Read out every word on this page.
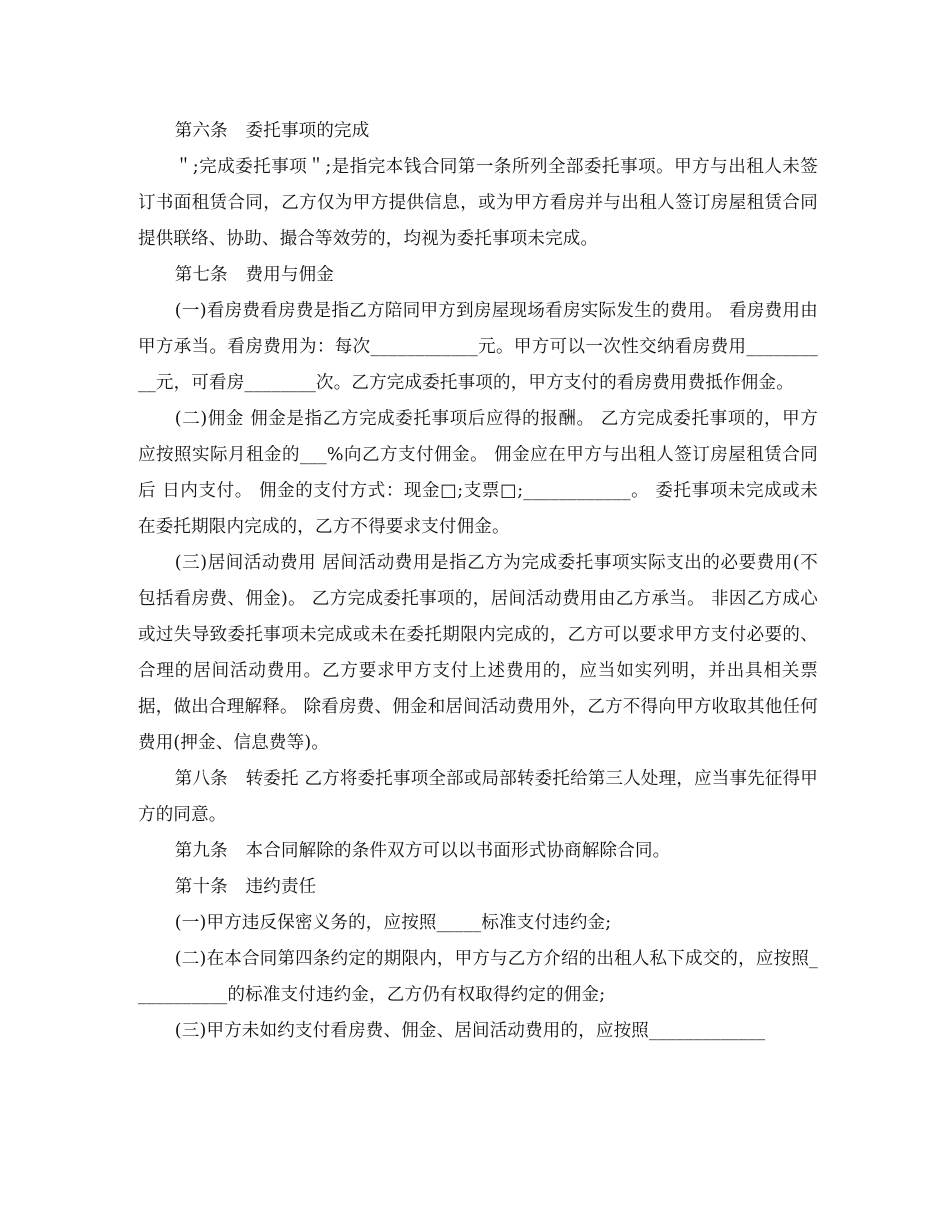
第六条　委托事项的完成

＂;完成委托事项＂;是指完本钱合同第一条所列全部委托事项。甲方与出租人未签订书面租赁合同，乙方仅为甲方提供信息，或为甲方看房并与出租人签订房屋租赁合同提供联络、协助、撮合等效劳的，均视为委托事项未完成。

第七条　费用与佣金

(一)看房费看房费是指乙方陪同甲方到房屋现场看房实际发生的费用。 看房费用由甲方承当。看房费用为：每次____________元。甲方可以一次性交纳看房费用__________元，可看房________次。乙方完成委托事项的，甲方支付的看房费用费抵作佣金。

(二)佣金 佣金是指乙方完成委托事项后应得的报酬。 乙方完成委托事项的，甲方应按照实际月租金的___%向乙方支付佣金。 佣金应在甲方与出租人签订房屋租赁合同后 日内支付。 佣金的支付方式：现金□;支票□;____________。 委托事项未完成或未在委托期限内完成的，乙方不得要求支付佣金。

(三)居间活动费用 居间活动费用是指乙方为完成委托事项实际支出的必要费用(不包括看房费、佣金)。 乙方完成委托事项的，居间活动费用由乙方承当。 非因乙方成心或过失导致委托事项未完成或未在委托期限内完成的，乙方可以要求甲方支付必要的、合理的居间活动费用。乙方要求甲方支付上述费用的，应当如实列明，并出具相关票据，做出合理解释。 除看房费、佣金和居间活动费用外，乙方不得向甲方收取其他任何费用(押金、信息费等)。

第八条　转委托 乙方将委托事项全部或局部转委托给第三人处理，应当事先征得甲方的同意。

第九条　本合同解除的条件双方可以以书面形式协商解除合同。

第十条　违约责任

(一)甲方违反保密义务的，应按照_____标准支付违约金;

(二)在本合同第四条约定的期限内，甲方与乙方介绍的出租人私下成交的，应按照___________的标准支付违约金，乙方仍有权取得约定的佣金;

(三)甲方未如约支付看房费、佣金、居间活动费用的，应按照_____________
